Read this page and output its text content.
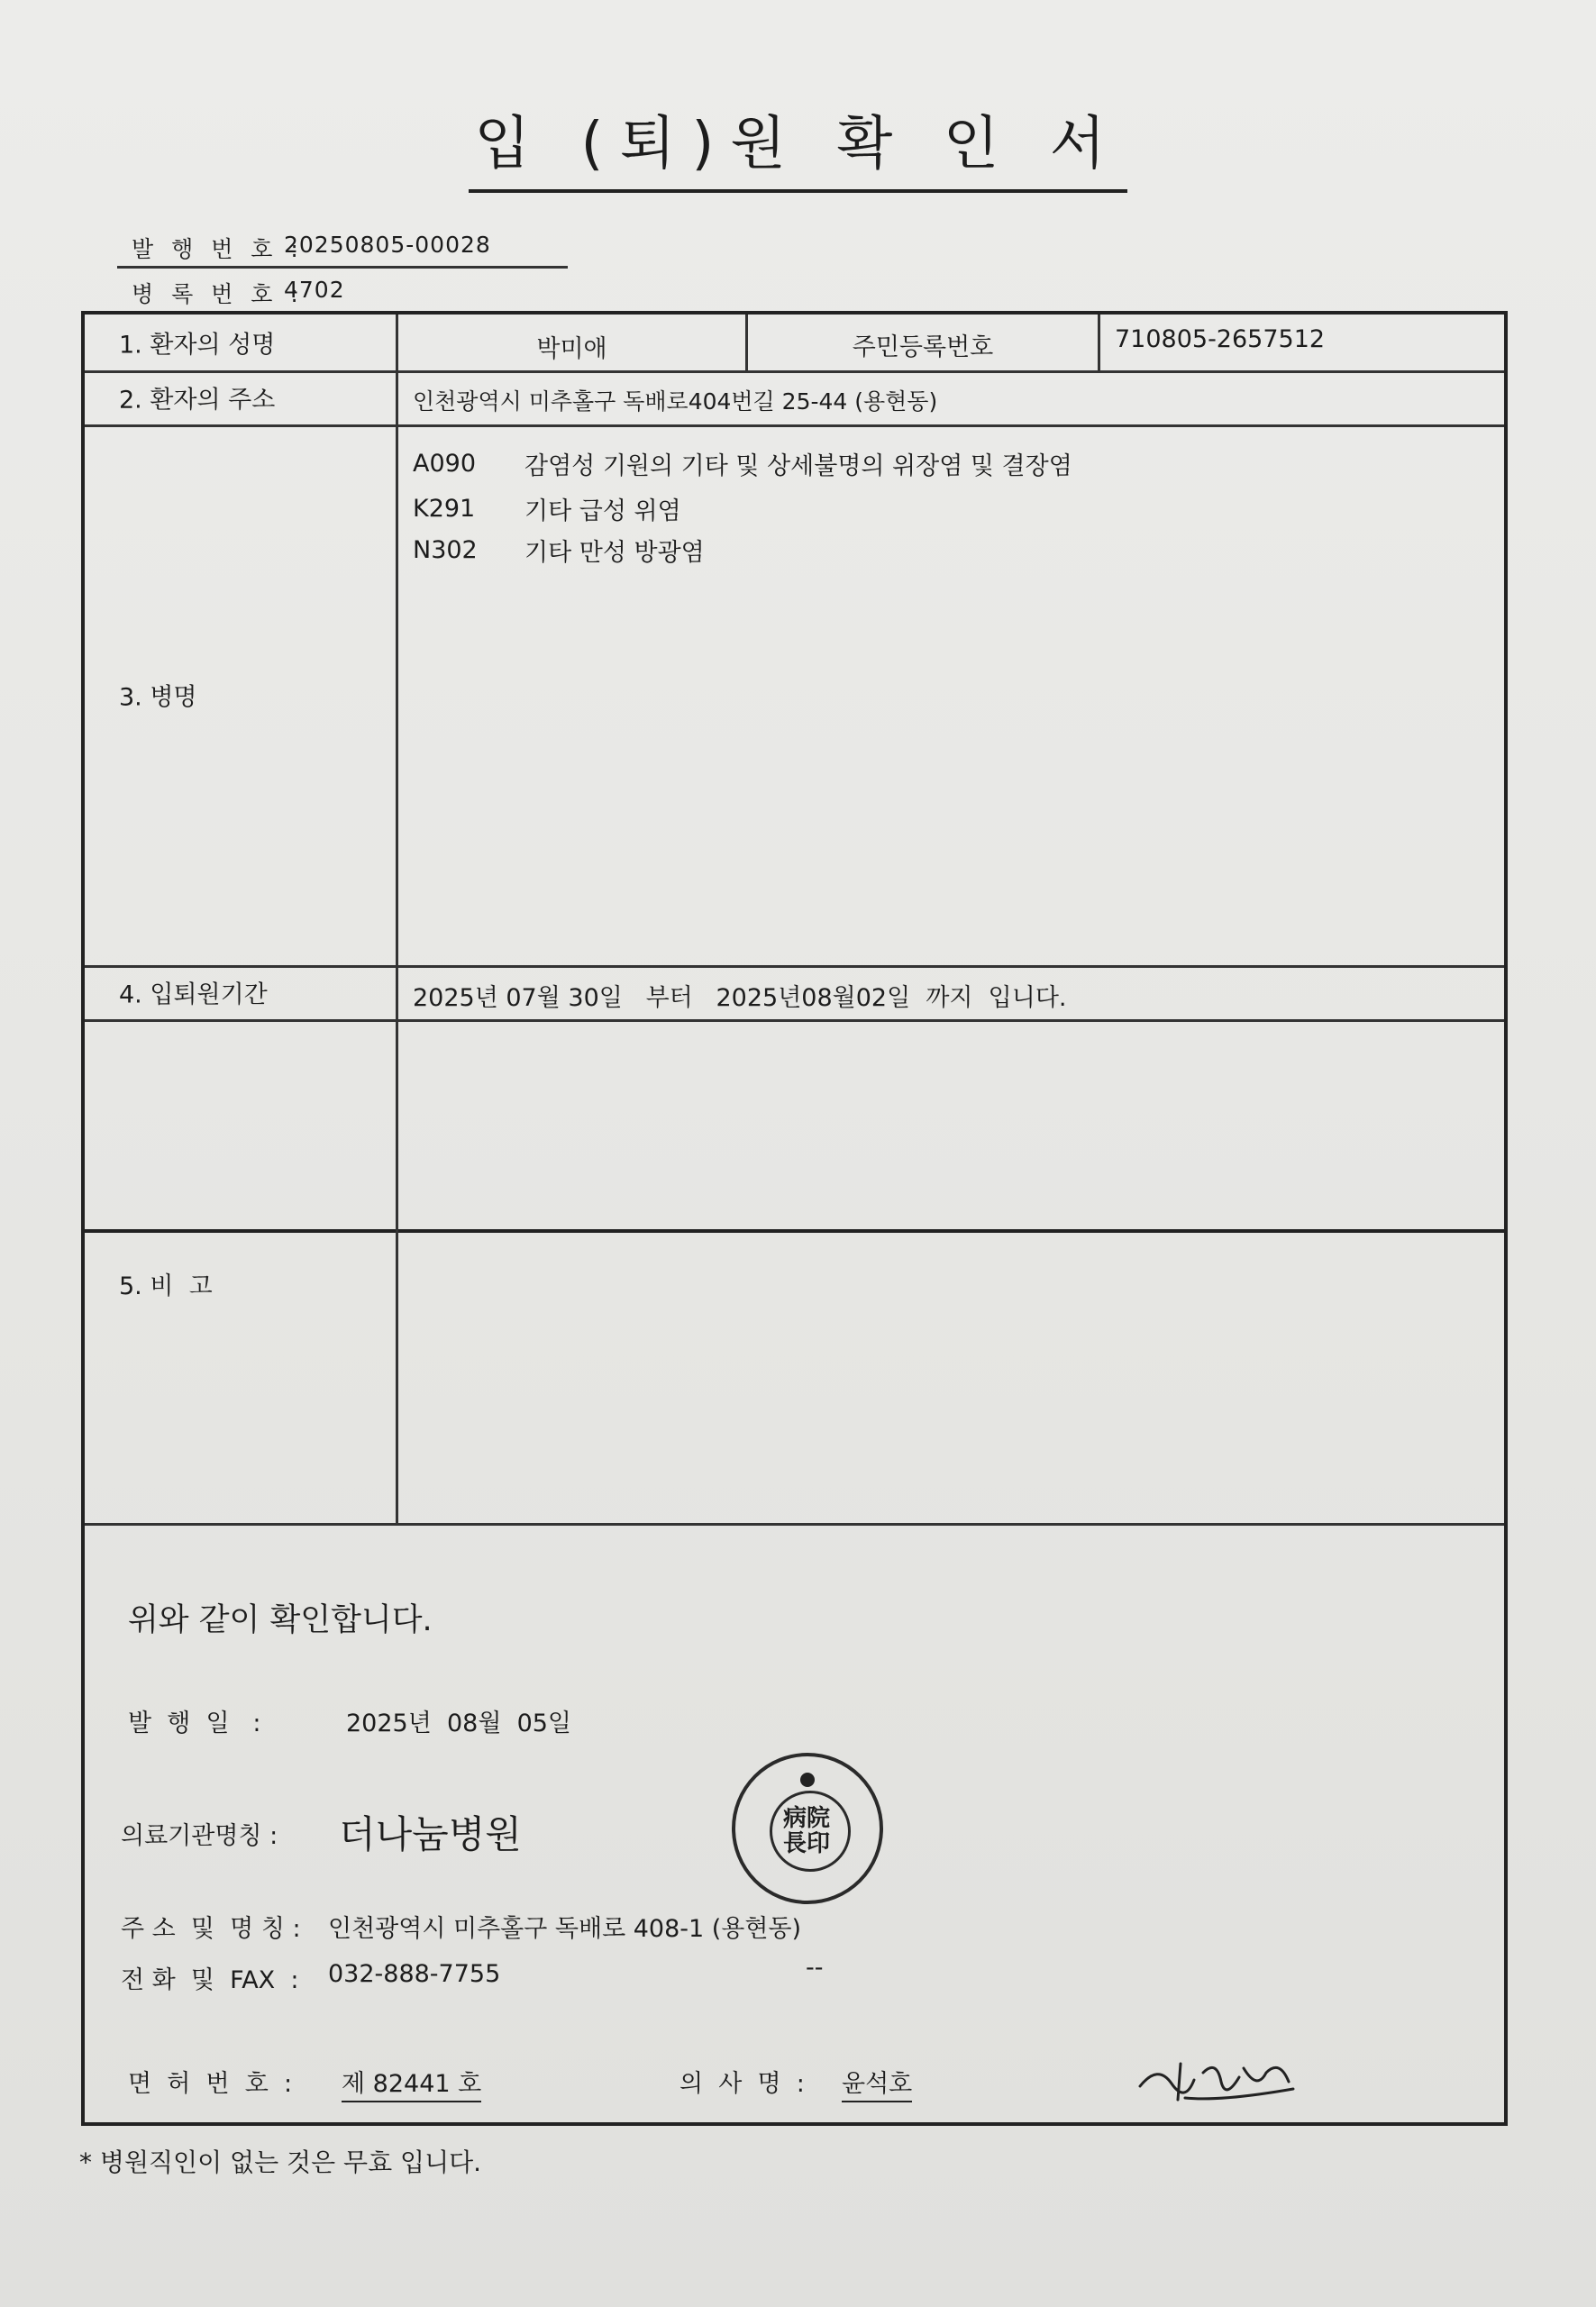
입 (퇴)원 확 인 서
발 행 번 호 :
20250805-00028
병 록 번 호 :
4702
1. 환자의 성명	박미애	주민등록번호	710805-2657512
2. 환자의 주소	인천광역시 미추홀구 독배로404번길 25-44 (용현동)
3. 병명
A090 감염성 기원의 기타 및 상세불명의 위장염 및 결장염
K291 기타 급성 위염
N302 기타 만성 방광염
4. 입퇴원기간	2025년 07월 30일   부터   2025년08월02일  까지  입니다.
5. 비  고
위와 같이 확인합니다.
발  행  일   :	2025년  08월  05일
의료기관명칭 : 더나눔병원
주 소  및  명 칭 : 인천광역시 미추홀구 독배로 408-1 (용현동)
전 화  및  FAX  : 032-888-7755	--
면  허  번  호  : 제 82441 호	의  사  명  : 윤석호
病院
長印
* 병원직인이 없는 것은 무효 입니다.
